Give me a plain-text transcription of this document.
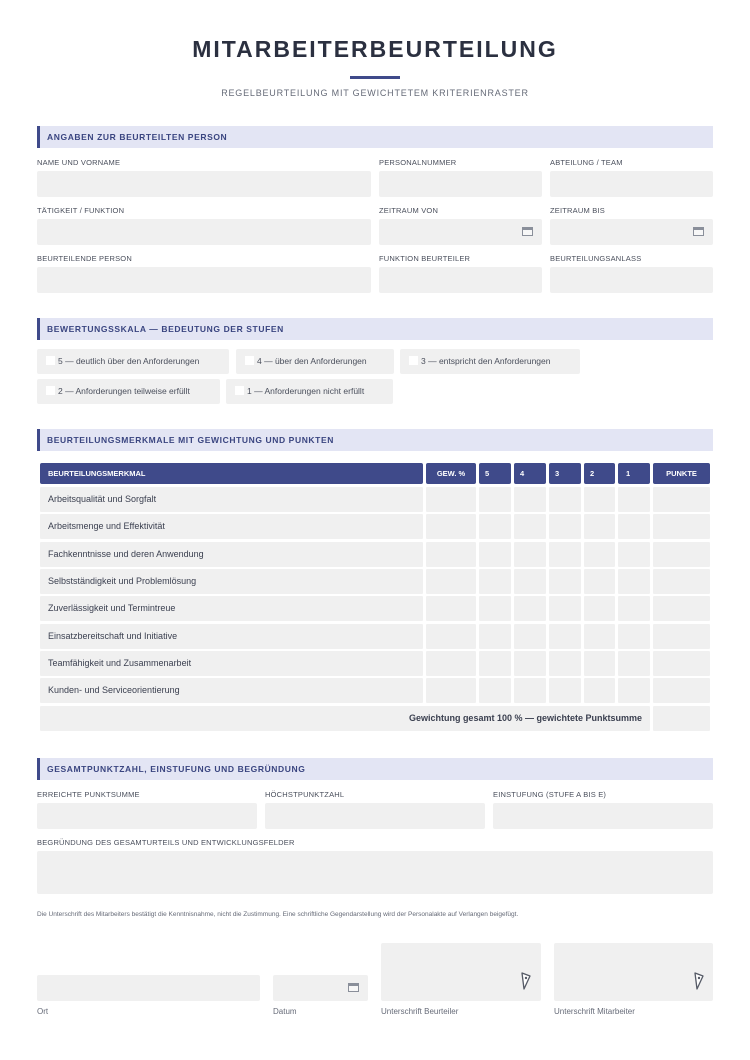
MITARBEITERBEURTEILUNG
REGELBEURTEILUNG MIT GEWICHTETEM KRITERIENRASTER
ANGABEN ZUR BEURTEILTEN PERSON
NAME UND VORNAME	PERSONALNUMMER	ABTEILUNG / TEAM
TÄTIGKEIT / FUNKTION	ZEITRAUM VON	ZEITRAUM BIS
BEURTEILENDE PERSON	FUNKTION BEURTEILER	BEURTEILUNGSANLASS
BEWERTUNGSSKALA — BEDEUTUNG DER STUFEN
5 — deutlich über den Anforderungen	4 — über den Anforderungen	3 — entspricht den Anforderungen
2 — Anforderungen teilweise erfüllt	1 — Anforderungen nicht erfüllt
BEURTEILUNGSMERKMALE MIT GEWICHTUNG UND PUNKTEN
BEURTEILUNGSMERKMAL	GEW. %	5	4	3	2	1	PUNKTE
Arbeitsqualität und Sorgfalt
Arbeitsmenge und Effektivität
Fachkenntnisse und deren Anwendung
Selbstständigkeit und Problemlösung
Zuverlässigkeit und Termintreue
Einsatzbereitschaft und Initiative
Teamfähigkeit und Zusammenarbeit
Kunden- und Serviceorientierung
Gewichtung gesamt 100 % — gewichtete Punktsumme
GESAMTPUNKTZAHL, EINSTUFUNG UND BEGRÜNDUNG
ERREICHTE PUNKTSUMME	HÖCHSTPUNKTZAHL	EINSTUFUNG (STUFE A BIS E)
BEGRÜNDUNG DES GESAMTURTEILS UND ENTWICKLUNGSFELDER
Die Unterschrift des Mitarbeiters bestätigt die Kenntnisnahme, nicht die Zustimmung. Eine schriftliche Gegendarstellung wird der Personalakte auf Verlangen beigefügt.
Ort	Datum	Unterschrift Beurteiler	Unterschrift Mitarbeiter
